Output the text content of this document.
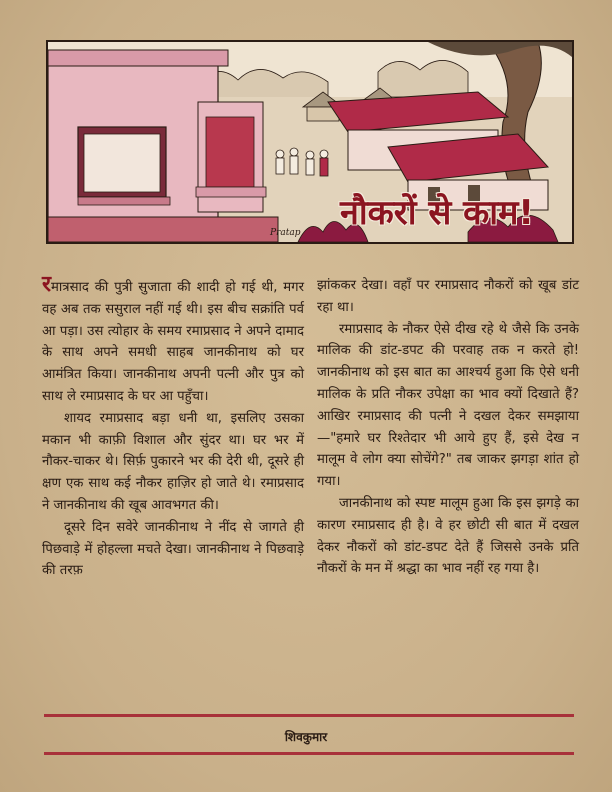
Pratap नौकरों से काम!

रमात्रसाद की पुत्री सुजाता की शादी हो गई थी, मगर वह अब तक ससुराल नहीं गई थी। इस बीच सक्रांति पर्व आ पड़ा। उस त्योहार के समय रमाप्रसाद ने अपने दामाद के साथ अपने समधी साहब जानकीनाथ को घर आमंत्रित किया। जानकीनाथ अपनी पत्नी और पुत्र को साथ ले रमाप्रसाद के घर आ पहुँचा।

शायद रमाप्रसाद बड़ा धनी था, इसलिए उसका मकान भी काफ़ी विशाल और सुंदर था। घर भर में नौकर-चाकर थे। सिर्फ़ पुकारने भर की देरी थी, दूसरे ही क्षण एक साथ कई नौकर हाज़िर हो जाते थे। रमाप्रसाद ने जानकीनाथ की खूब आवभगत की।

दूसरे दिन सवेरे जानकीनाथ ने नींद से जागते ही पिछवाड़े में होहल्ला मचते देखा। जानकीनाथ ने पिछवाड़े की तरफ़

झांककर देखा। वहाँ पर रमाप्रसाद नौकरों को खूब डांट रहा था।

रमाप्रसाद के नौकर ऐसे दीख रहे थे जैसे कि उनके मालिक की डांट-डपट की परवाह तक न करते हो! जानकीनाथ को इस बात का आश्चर्य हुआ कि ऐसे धनी मालिक के प्रति नौकर उपेक्षा का भाव क्यों दिखाते हैं? आखिर रमाप्रसाद की पत्नी ने दखल देकर समझाया—"हमारे घर रिश्तेदार भी आये हुए हैं, इसे देख न मालूम वे लोग क्या सोचेंगे?" तब जाकर झगड़ा शांत हो गया।

जानकीनाथ को स्पष्ट मालूम हुआ कि इस झगड़े का कारण रमाप्रसाद ही है। वे हर छोटी सी बात में दखल देकर नौकरों को डांट-डपट देते हैं जिससे उनके प्रति नौकरों के मन में श्रद्धा का भाव नहीं रह गया है।

शिवकुमार
